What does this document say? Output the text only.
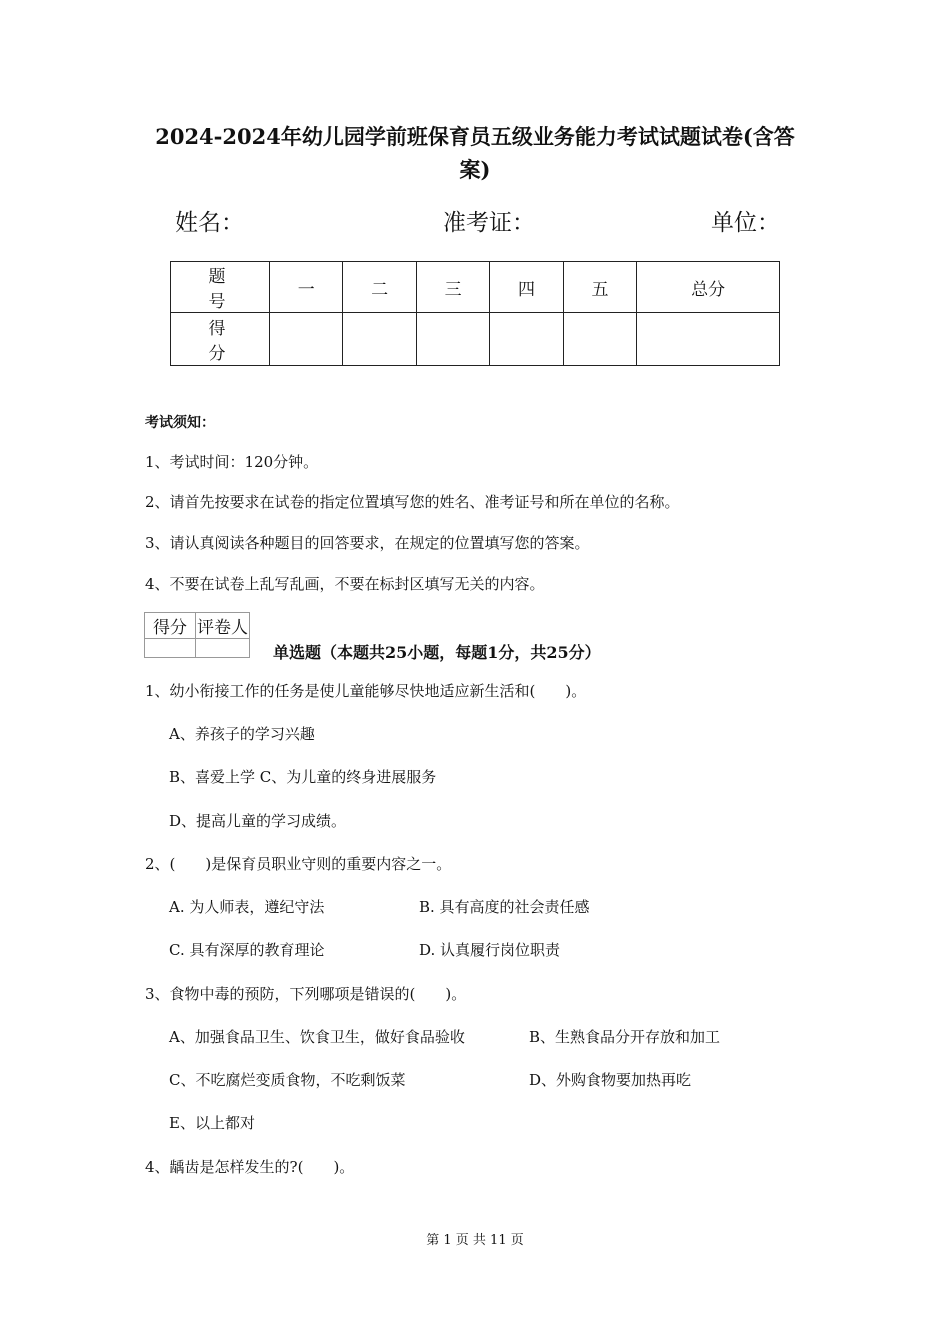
2024-2024年幼儿园学前班保育员五级业务能力考试试题试卷(含答
案)
姓名：	准考证：	单位：
题 号	一	二	三	四	五	总分
得 分						
考试须知：
1、考试时间：120分钟。
2、请首先按要求在试卷的指定位置填写您的姓名、准考证号和所在单位的名称。
3、请认真阅读各种题目的回答要求，在规定的位置填写您的答案。
4、不要在试卷上乱写乱画，不要在标封区填写无关的内容。
得分	评卷人

单选题（本题共25小题，每题1分，共25分）
1、幼小衔接工作的任务是使儿童能够尽快地适应新生活和(　　)。
A、养孩子的学习兴趣
B、喜爱上学 C、为儿童的终身进展服务
D、提高儿童的学习成绩。
2、(　　)是保育员职业守则的重要内容之一。
A. 为人师表，遵纪守法	B. 具有高度的社会责任感
C. 具有深厚的教育理论	D. 认真履行岗位职责
3、食物中毒的预防，下列哪项是错误的(　　)。
A、加强食品卫生、饮食卫生，做好食品验收	B、生熟食品分开存放和加工
C、不吃腐烂变质食物，不吃剩饭菜	D、外购食物要加热再吃
E、以上都对
4、龋齿是怎样发生的?(　　)。
第 1 页 共 11 页
